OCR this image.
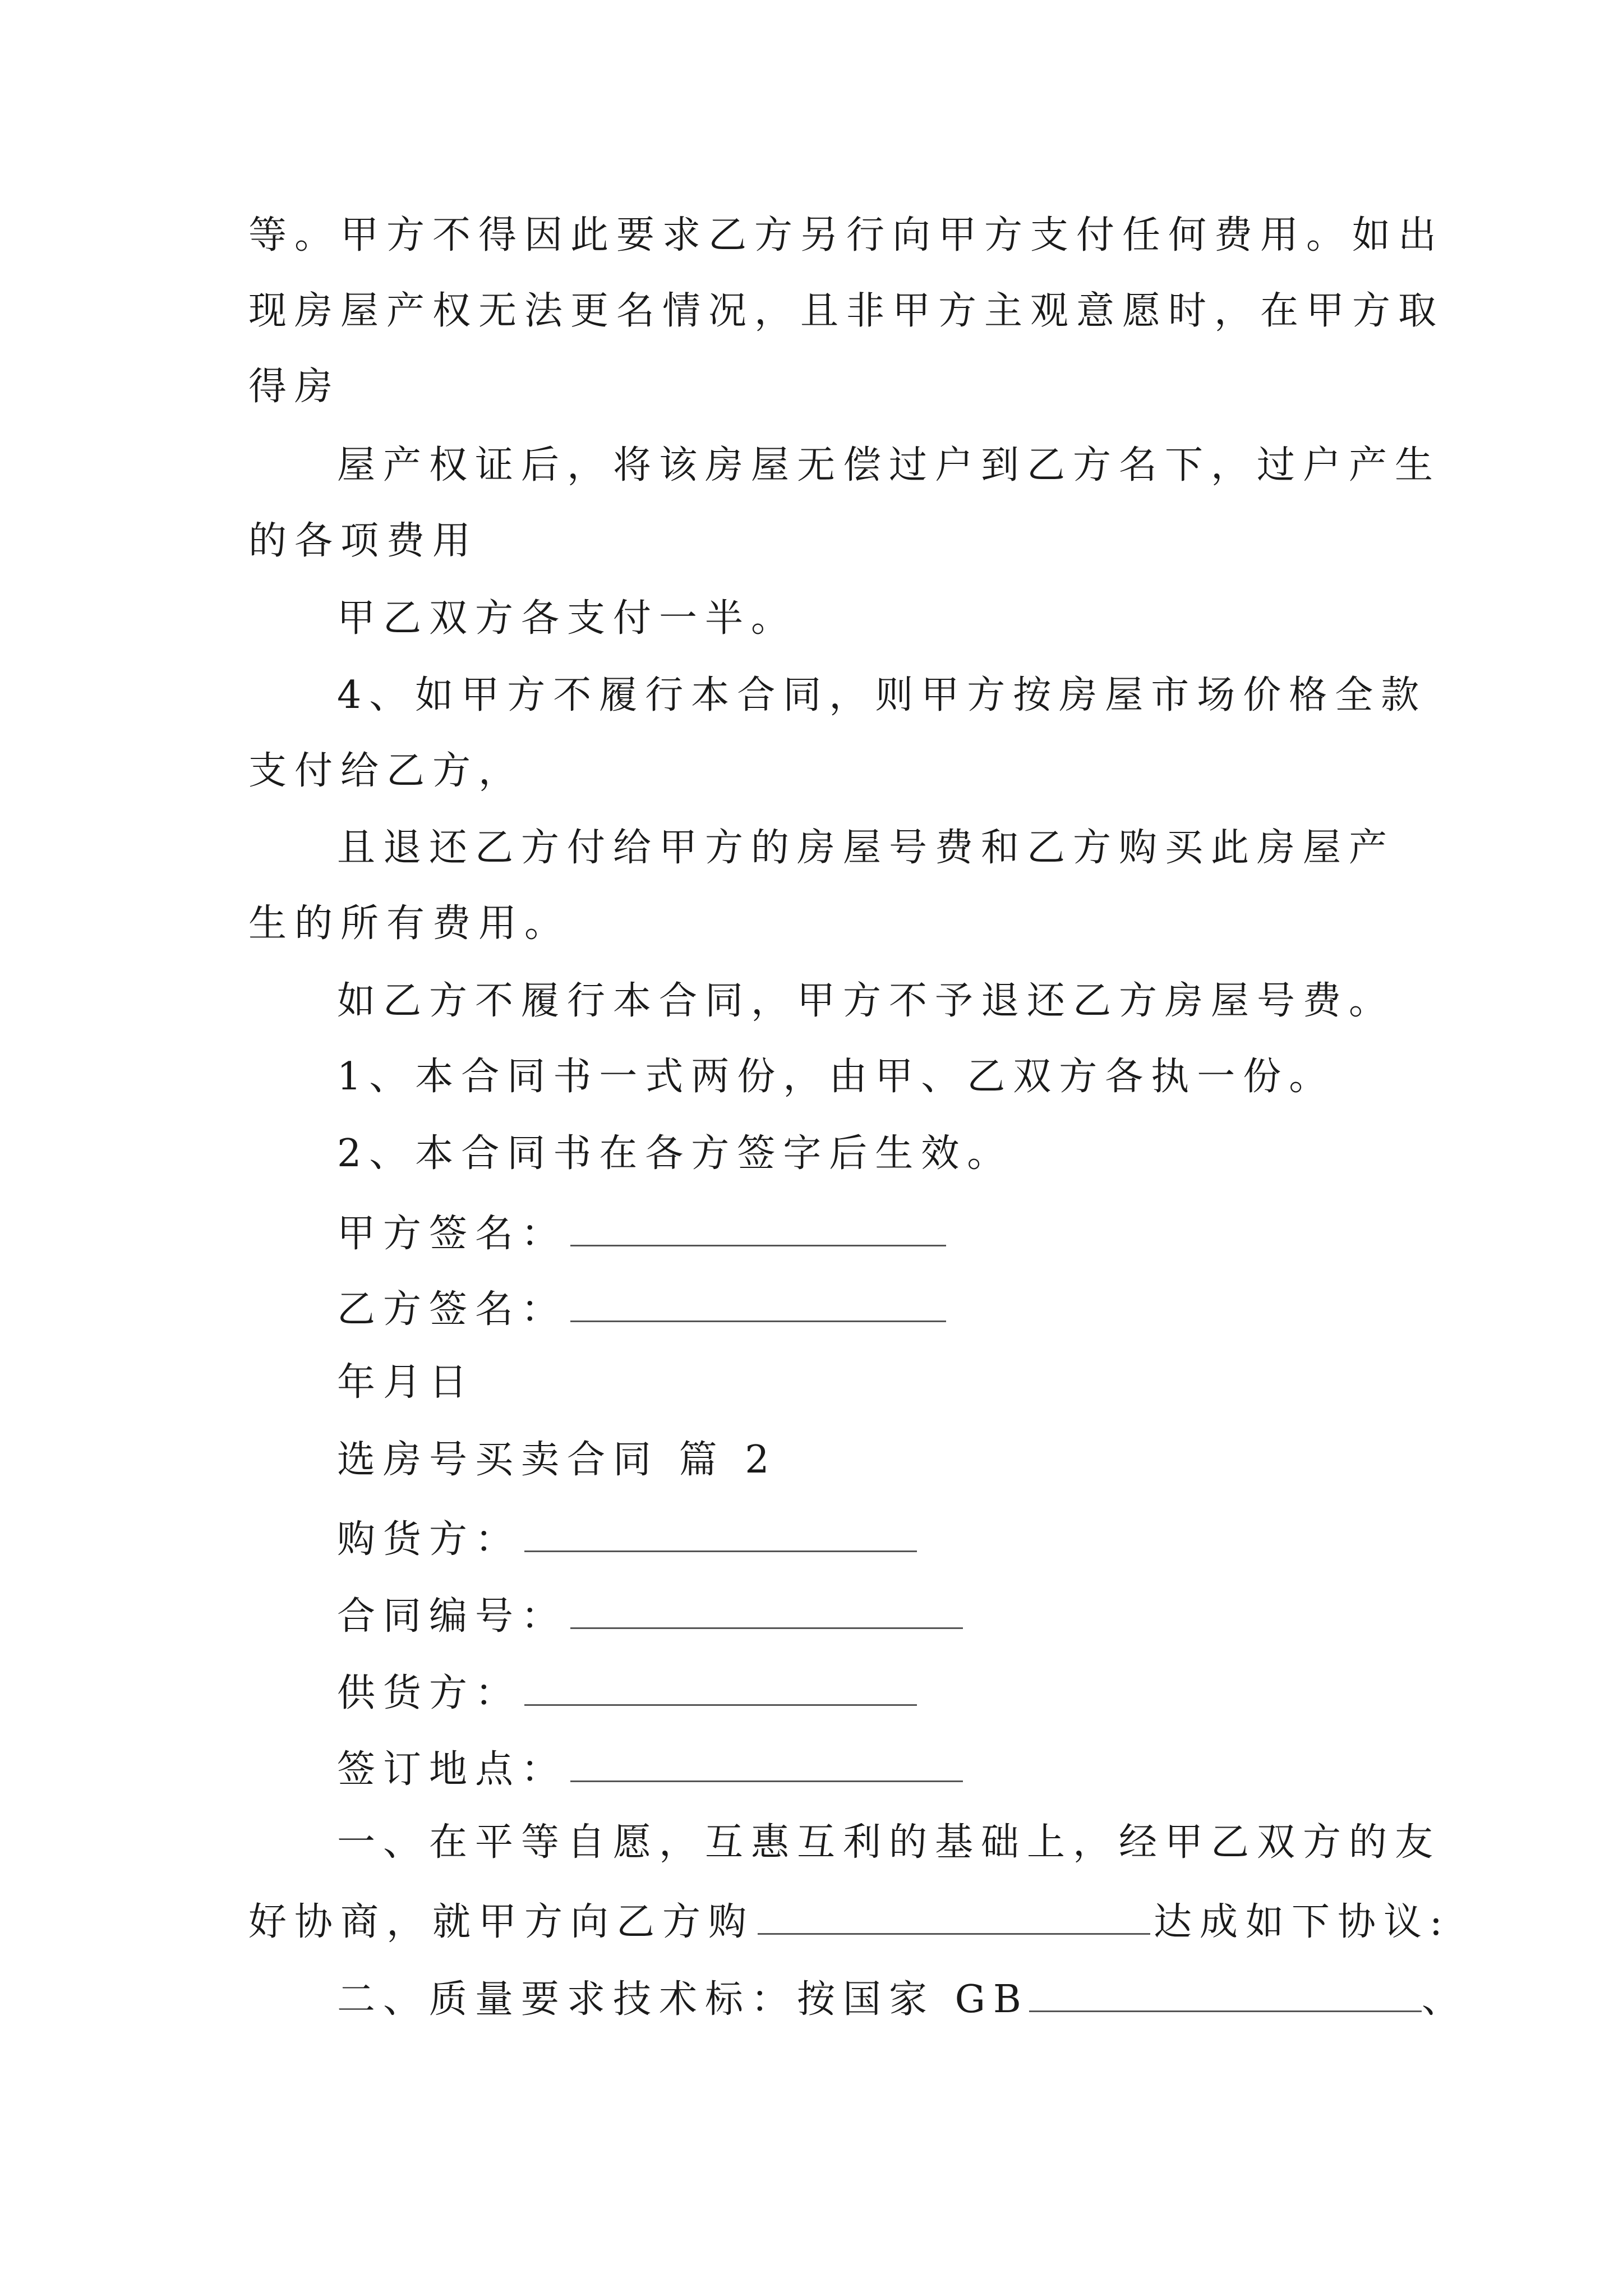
等。甲方不得因此要求乙方另行向甲方支付任何费用。如出
现房屋产权无法更名情况，且非甲方主观意愿时，在甲方取
得房
屋产权证后，将该房屋无偿过户到乙方名下，过户产生
的各项费用
甲乙双方各支付一半。
4、如甲方不履行本合同，则甲方按房屋市场价格全款
支付给乙方，
且退还乙方付给甲方的房屋号费和乙方购买此房屋产
生的所有费用。
如乙方不履行本合同，甲方不予退还乙方房屋号费。
1、本合同书一式两份，由甲、乙双方各执一份。
2、本合同书在各方签字后生效。
甲方签名：
乙方签名：
年月日
选房号买卖合同 篇 2
购货方：
合同编号：
供货方：
签订地点：
一、在平等自愿，互惠互利的基础上，经甲乙双方的友
好协商，就甲方向乙方购	达成如下协议:
二、质量要求技术标：按国家 GB	、
